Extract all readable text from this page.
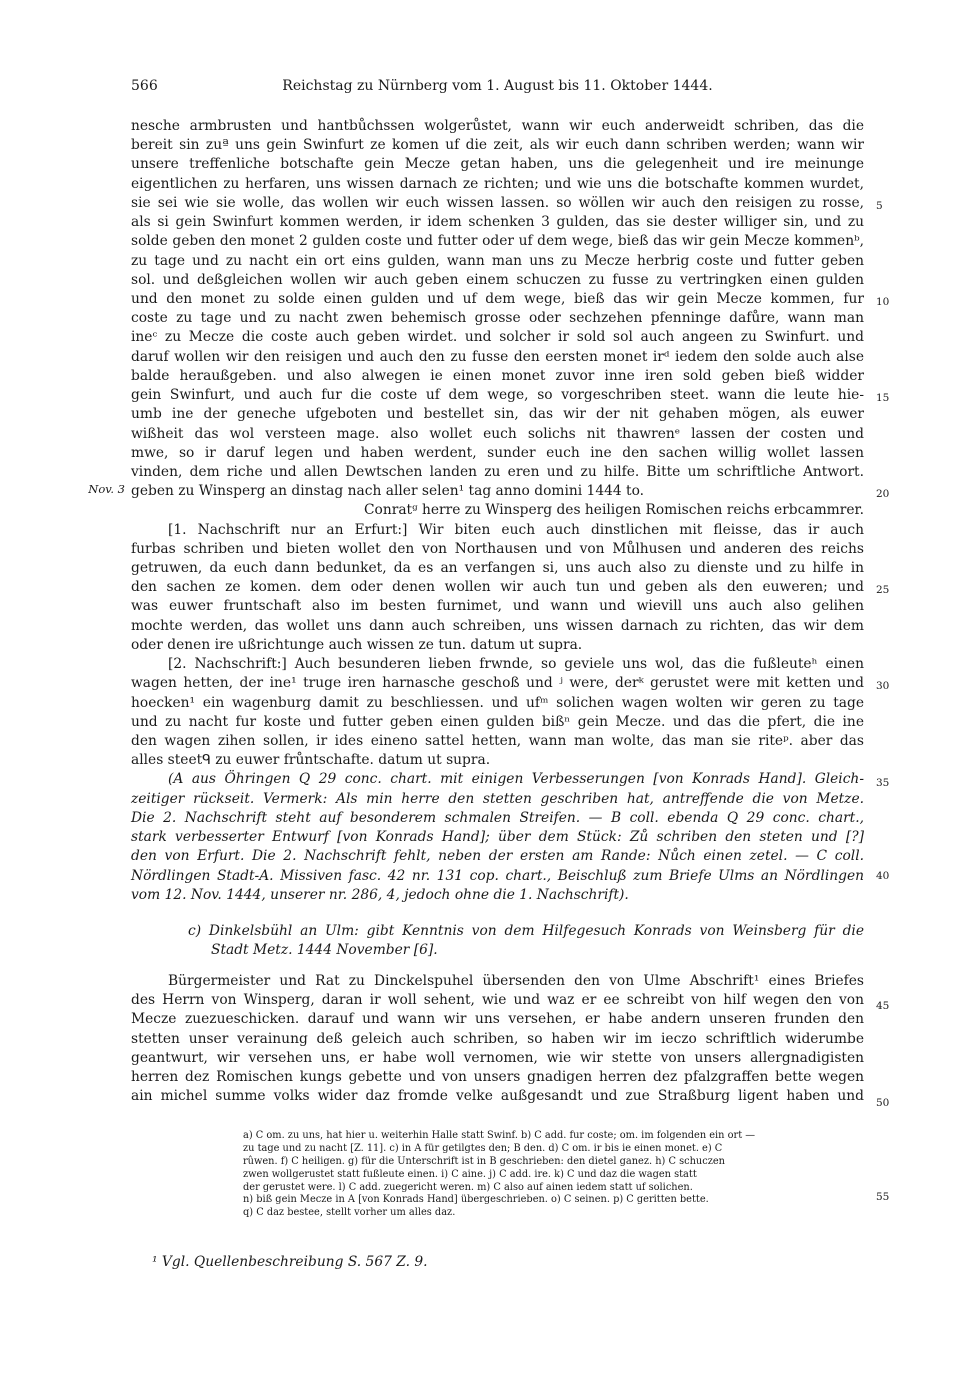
566	Reichstag zu Nürnberg vom 1. August bis 11. Oktober 1444.
nesche armbrusten und hantbůchssen wolgerůstet, wann wir euch anderweidt schriben, das die
bereit sin zuª uns gein Swinfurt ze komen uf die zeit, als wir euch dann schriben werden; wann wir
unsere treffenliche botschafte gein Mecze getan haben, uns die gelegenheit und ire meinunge
eigentlichen zu herfaren, uns wissen darnach ze richten; und wie uns die botschafte kommen wurdet,
sie sei wie sie wolle, das wollen wir euch wissen lassen. so wöllen wir auch den reisigen zu rosse,
als si gein Swinfurt kommen werden, ir idem schenken 3 gulden, das sie dester williger sin, und zu
solde geben den monet 2 gulden coste und futter oder uf dem wege, bieß das wir gein Mecze kommenᵇ,
zu tage und zu nacht ein ort eins gulden, wann man uns zu Mecze herbrig coste und futter geben
sol. und deßgleichen wollen wir auch geben einem schuczen zu fusse zu vertringken einen gulden
und den monet zu solde einen gulden und uf dem wege, bieß das wir gein Mecze kommen, fur
coste zu tage und zu nacht zwen behemisch grosse oder sechzehen pfenninge dafůre, wann man
ineᶜ zu Mecze die coste auch geben wirdet. und solcher ir sold sol auch angeen zu Swinfurt. und
daruf wollen wir den reisigen und auch den zu fusse den eersten monet irᵈ iedem den solde auch alse
balde heraußgeben. und also alwegen ie einen monet zuvor inne iren sold geben bieß widder
gein Swinfurt, und auch fur die coste uf dem wege, so vorgeschriben steet. wann die leute hie-
umb ine der geneche ufgeboten und bestellet sin, das wir der nit gehaben mögen, als euwer
wißheit das wol versteen mage. also wollet euch solichs nit thawrenᵉ lassen der costen und
mwe, so ir daruf legen und haben werdent, sunder euch ine den sachen willig wollet lassen
vinden, dem riche und allen Dewtschen landen zu eren und zu hilfe. Bitte um schriftliche Antwort.
geben zu Winsperg an dinstag nach aller selen¹ tag anno domini 1444 to.
Conratᵍ herre zu Winsperg des heiligen Romischen reichs erbcammrer.
[1. Nachschrift nur an Erfurt:] Wir biten euch auch dinstlichen mit fleisse, das ir auch
furbas schriben und bieten wollet den von Northausen und von Můlhusen und anderen des reichs
getruwen, da euch dann bedunket, da es an verfangen si, uns auch also zu dienste und zu hilfe in
den sachen ze komen. dem oder denen wollen wir auch tun und geben als den euweren; und
was euwer fruntschaft also im besten furnimet, und wann und wievill uns auch also gelihen
mochte werden, das wollet uns dann auch schreiben, uns wissen darnach zu richten, das wir dem
oder denen ire ußrichtunge auch wissen ze tun. datum ut supra.
[2. Nachschrift:] Auch besunderen lieben frwnde, so geviele uns wol, das die fußleuteʰ einen
wagen hetten, der ine¹ truge iren harnasche geschoß und ʲ were, derᵏ gerustet were mit ketten und
hoecken¹ ein wagenburg damit zu beschliessen. und ufᵐ solichen wagen wolten wir geren zu tage
und zu nacht fur koste und futter geben einen gulden bißⁿ gein Mecze. und das die pfert, die ine
den wagen zihen sollen, ir ides eineno sattel hetten, wann man wolte, das man sie riteᵖ. aber das
alles steetᑫ zu euwer frůntschafte. datum ut supra.
(A aus Öhringen Q 29 conc. chart. mit einigen Verbesserungen [von Konrads Hand]. Gleich-
zeitiger rückseit. Vermerk: Als min herre den stetten geschriben hat, antreffende die von Metze.
Die 2. Nachschrift steht auf besonderem schmalen Streifen. — B coll. ebenda Q 29 conc. chart.,
stark verbesserter Entwurf [von Konrads Hand]; über dem Stück: Zů schriben den steten und [?]
den von Erfurt. Die 2. Nachschrift fehlt, neben der ersten am Rande: Nůch einen zetel. — C coll.
Nördlingen Stadt-A. Missiven fasc. 42 nr. 131 cop. chart., Beischluß zum Briefe Ulms an Nördlingen
vom 12. Nov. 1444, unserer nr. 286, 4, jedoch ohne die 1. Nachschrift).
c) Dinkelsbühl an Ulm: gibt Kenntnis von dem Hilfegesuch Konrads von Weinsberg für die
Stadt Metz. 1444 November [6].
Bürgermeister und Rat zu Dinckelspuhel übersenden den von Ulme Abschrift¹ eines Briefes
des Herrn von Winsperg, daran ir woll sehent, wie und waz er ee schreibt von hilf wegen den von
Mecze zuezueschicken. darauf und wann wir uns versehen, er habe andern unseren frunden den
stetten unser verainung deß geleich auch schriben, so haben wir im ieczo schriftlich widerumbe
geantwurt, wir versehen uns, er habe woll vernomen, wie wir stette von unsers allergnadigisten
herren dez Romischen kungs gebette und von unsers gnadigen herren dez pfalzgraffen bette wegen
ain michel summe volks wider daz fromde velke außgesandt und zue Straßburg ligent haben und
Nov. 3
5
10
15
20
25
30
35
40
45
50
55
a) C om. zu uns, hat hier u. weiterhin Halle statt Swinf. b) C add. fur coste; om. im folgenden ein ort —
zu tage und zu nacht [Z. 11]. c) in A für getilgtes den; B den. d) C om. ir bis ie einen monet. e) C
rûwen. f) C heiligen. g) für die Unterschrift ist in B geschrieben: den dietel ganez. h) C schuczen
zwen wollgerustet statt fußleute einen. i) C aine. j) C add. ire. k) C und daz die wagen statt
der gerustet were. l) C add. zuegericht weren. m) C also auf ainen iedem statt uf solichen.
n) biß gein Mecze in A [von Konrads Hand] übergeschrieben. o) C seinen. p) C geritten bette.
q) C daz bestee, stellt vorher um alles daz.
¹ Vgl. Quellenbeschreibung S. 567 Z. 9.
